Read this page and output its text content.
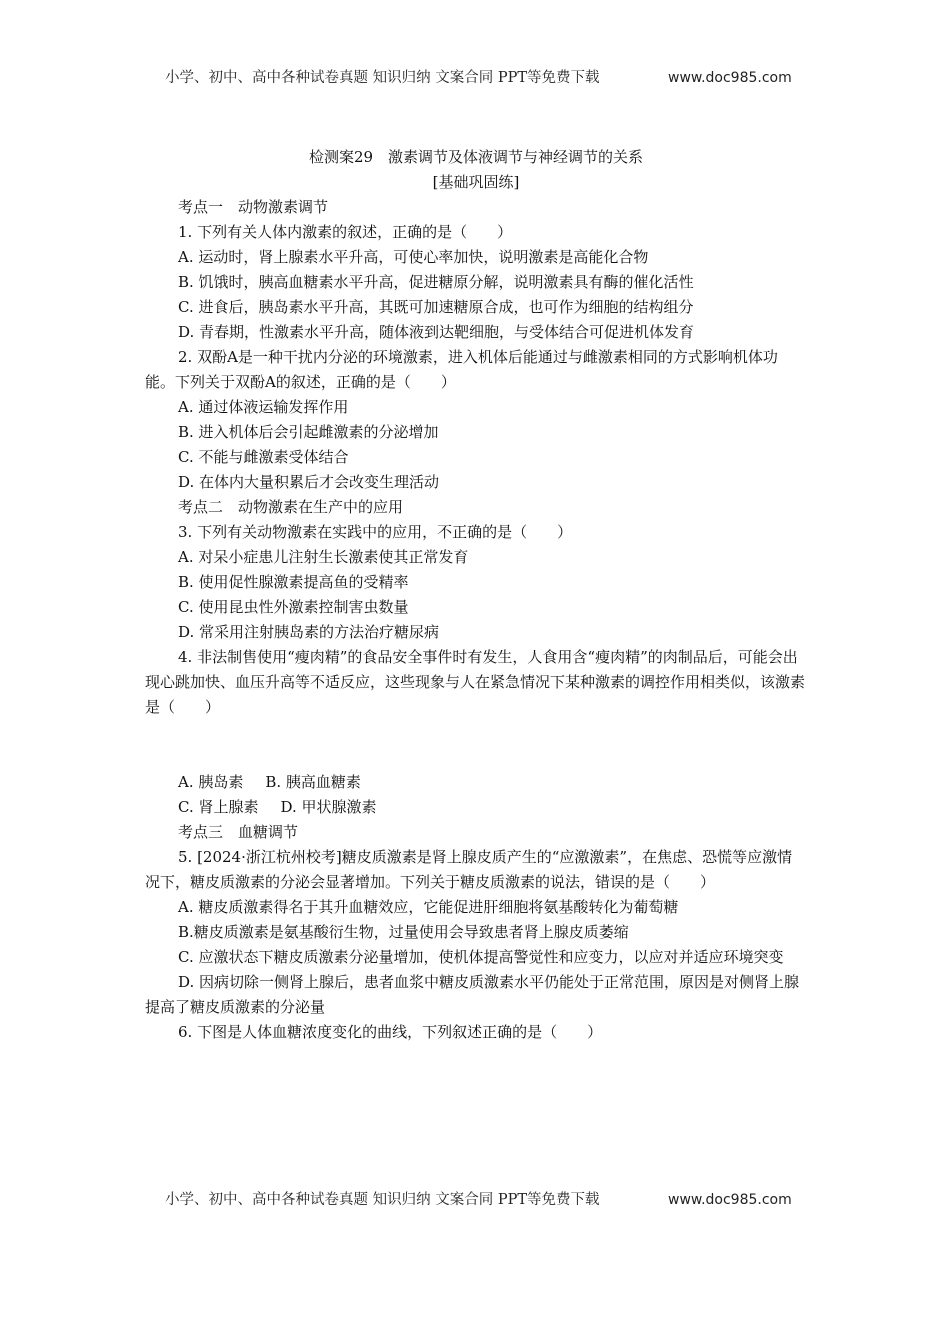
小学、初中、高中各种试卷真题 知识归纳 文案合同 PPT等免费下载	www.doc985.com

检测案29　激素调节及体液调节与神经调节的关系

[基础巩固练]

考点一　动物激素调节

1. 下列有关人体内激素的叙述，正确的是（　　）

A. 运动时，肾上腺素水平升高，可使心率加快，说明激素是高能化合物

B. 饥饿时，胰高血糖素水平升高，促进糖原分解，说明激素具有酶的催化活性

C. 进食后，胰岛素水平升高，其既可加速糖原合成，也可作为细胞的结构组分

D. 青春期，性激素水平升高，随体液到达靶细胞，与受体结合可促进机体发育

2. 双酚A是一种干扰内分泌的环境激素，进入机体后能通过与雌激素相同的方式影响机体功能。下列关于双酚A的叙述，正确的是（　　）

A. 通过体液运输发挥作用

B. 进入机体后会引起雌激素的分泌增加

C. 不能与雌激素受体结合

D. 在体内大量积累后才会改变生理活动

考点二　动物激素在生产中的应用

3. 下列有关动物激素在实践中的应用，不正确的是（　　）

A. 对呆小症患儿注射生长激素使其正常发育

B. 使用促性腺激素提高鱼的受精率

C. 使用昆虫性外激素控制害虫数量

D. 常采用注射胰岛素的方法治疗糖尿病

4. 非法制售使用“瘦肉精”的食品安全事件时有发生，人食用含“瘦肉精”的肉制品后，可能会出现心跳加快、血压升高等不适反应，这些现象与人在紧急情况下某种激素的调控作用相类似，该激素是（　　）

A. 胰岛素 B. 胰高血糖素

C. 肾上腺素 D. 甲状腺激素

考点三　血糖调节

5. [2024·浙江杭州校考]糖皮质激素是肾上腺皮质产生的“应激激素”，在焦虑、恐慌等应激情况下，糖皮质激素的分泌会显著增加。下列关于糖皮质激素的说法，错误的是（　　）

A. 糖皮质激素得名于其升血糖效应，它能促进肝细胞将氨基酸转化为葡萄糖

B.糖皮质激素是氨基酸衍生物，过量使用会导致患者肾上腺皮质萎缩

C. 应激状态下糖皮质激素分泌量增加，使机体提高警觉性和应变力，以应对并适应环境突变

D. 因病切除一侧肾上腺后，患者血浆中糖皮质激素水平仍能处于正常范围，原因是对侧肾上腺提高了糖皮质激素的分泌量

6. 下图是人体血糖浓度变化的曲线，下列叙述正确的是（　　）

小学、初中、高中各种试卷真题 知识归纳 文案合同 PPT等免费下载	www.doc985.com
